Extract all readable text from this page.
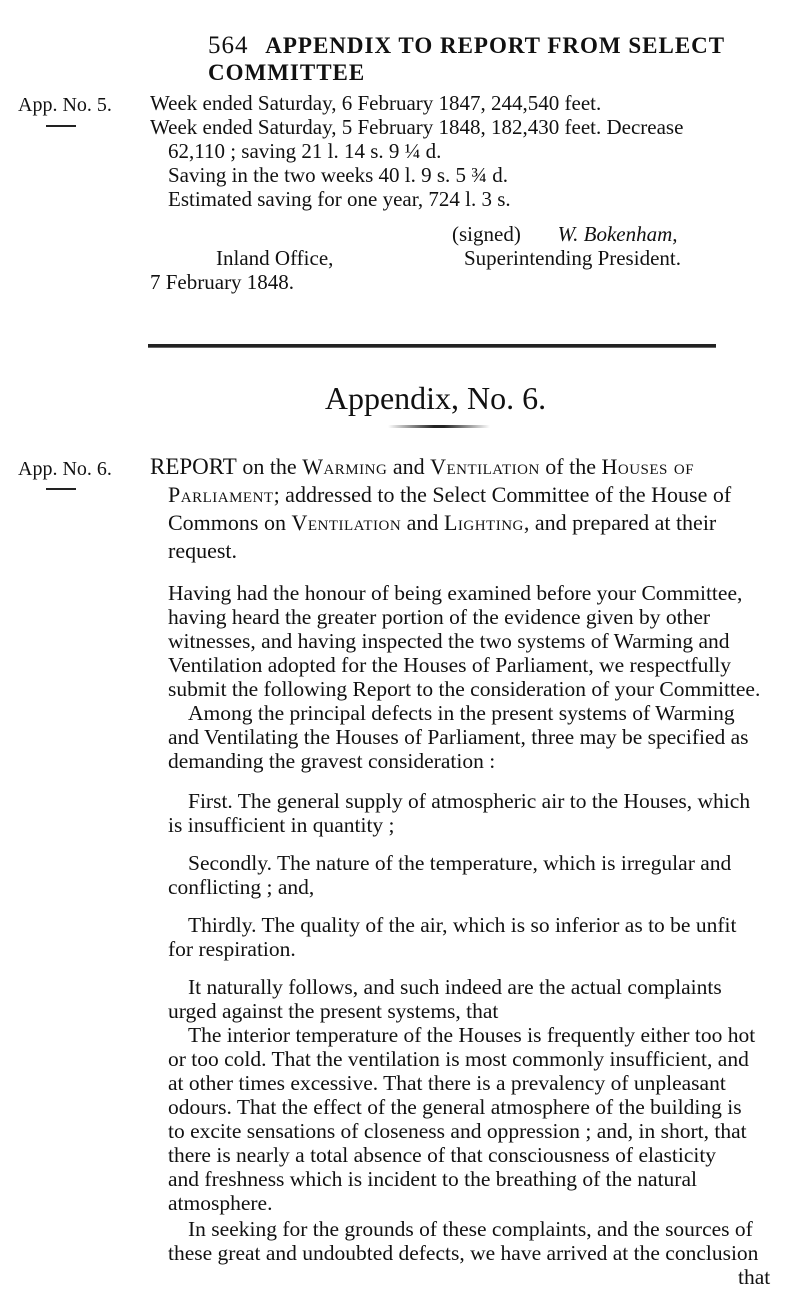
564 APPENDIX TO REPORT FROM SELECT COMMITTEE
App. No. 5. Week ended Saturday, 6 February 1847, 244,540 feet.
Week ended Saturday, 5 February 1848, 182,430 feet. Decrease
62,110 ; saving 21 l. 14 s. 9 ¼ d.
Saving in the two weeks 40 l. 9 s. 5 ¾ d.
Estimated saving for one year, 724 l. 3 s.
(signed) W. Bokenham,
Inland Office,	Superintending President.
7 February 1848.
Appendix, No. 6.
App. No. 6. REPORT on the Warming and Ventilation of the Houses of
Parliament; addressed to the Select Committee of the House of
Commons on Ventilation and Lighting, and prepared at their
request.
Having had the honour of being examined before your Committee,
having heard the greater portion of the evidence given by other
witnesses, and having inspected the two systems of Warming and
Ventilation adopted for the Houses of Parliament, we respectfully
submit the following Report to the consideration of your Committee.
Among the principal defects in the present systems of Warming
and Ventilating the Houses of Parliament, three may be specified as
demanding the gravest consideration :
First. The general supply of atmospheric air to the Houses, which
is insufficient in quantity ;
Secondly. The nature of the temperature, which is irregular and
conflicting ; and,
Thirdly. The quality of the air, which is so inferior as to be unfit
for respiration.
It naturally follows, and such indeed are the actual complaints
urged against the present systems, that
The interior temperature of the Houses is frequently either too hot
or too cold. That the ventilation is most commonly insufficient, and
at other times excessive. That there is a prevalency of unpleasant
odours. That the effect of the general atmosphere of the building is
to excite sensations of closeness and oppression ; and, in short, that
there is nearly a total absence of that consciousness of elasticity
and freshness which is incident to the breathing of the natural
atmosphere.
In seeking for the grounds of these complaints, and the sources of
these great and undoubted defects, we have arrived at the conclusion
that
